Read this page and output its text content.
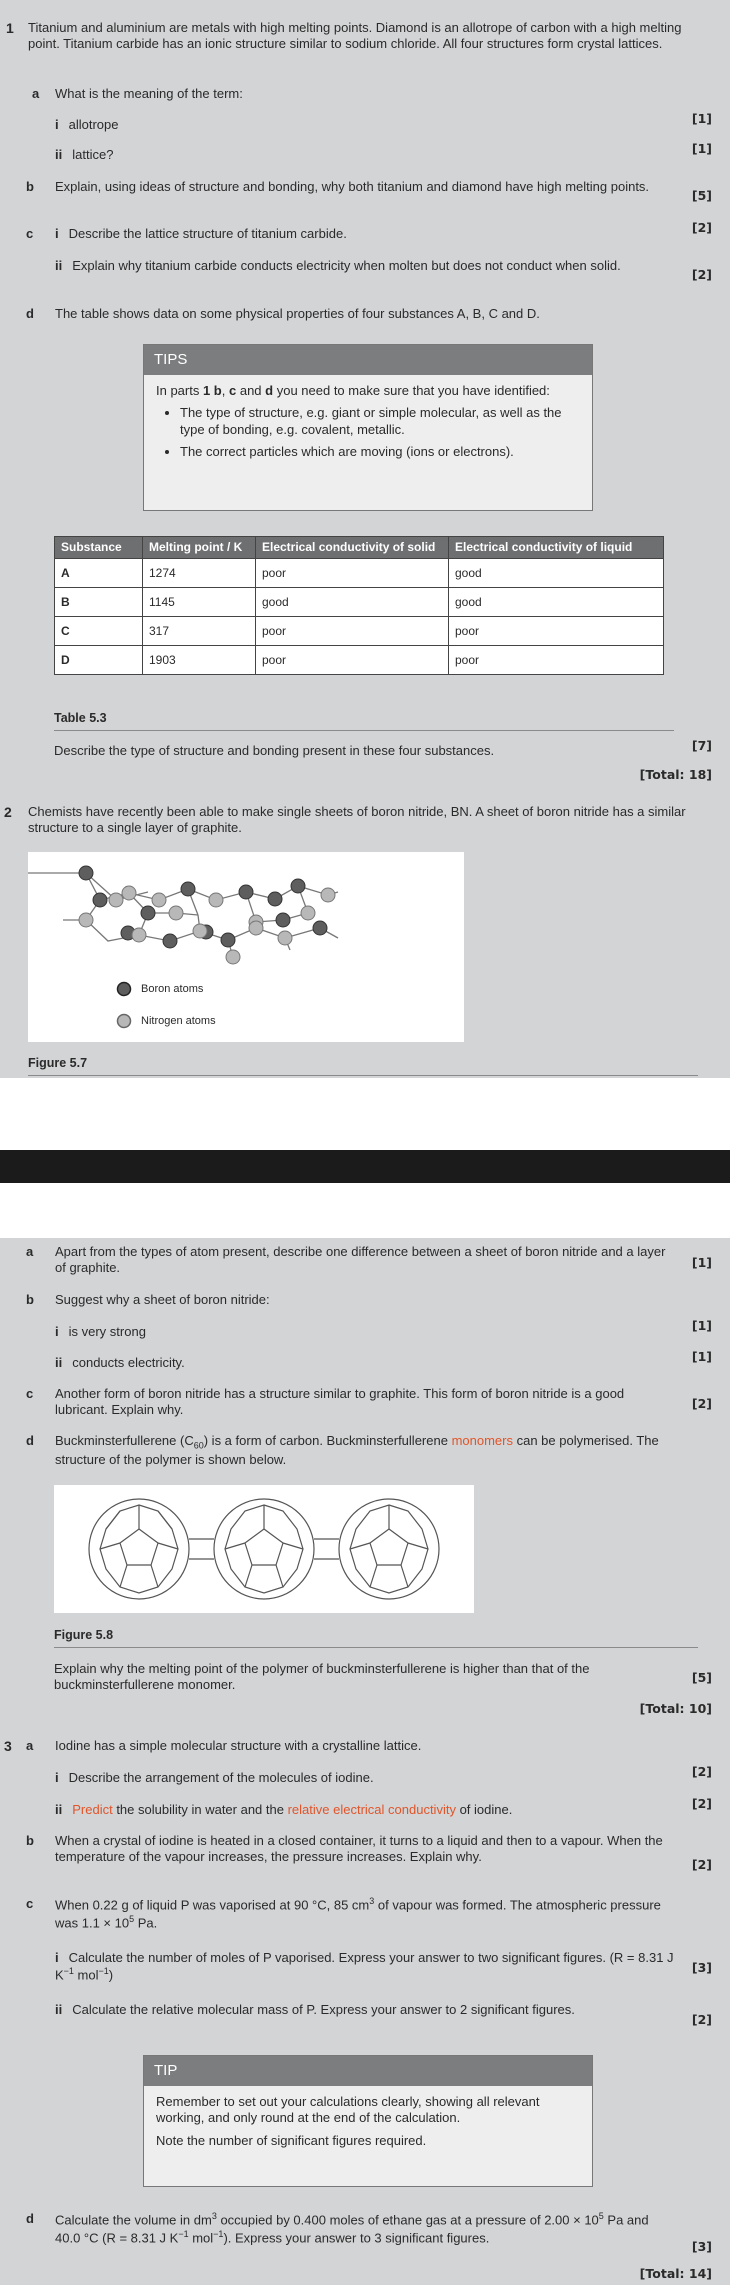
1 Titanium and aluminium are metals with high melting points. Diamond is an allotrope of carbon with a high melting point. Titanium carbide has an ionic structure similar to sodium chloride. All four structures form crystal lattices.
a What is the meaning of the term:
i allotrope	[1]
ii lattice?	[1]
b Explain, using ideas of structure and bonding, why both titanium and diamond have high melting points.
[5]
c i Describe the lattice structure of titanium carbide.	[2]
ii Explain why titanium carbide conducts electricity when molten but does not conduct when solid.
[2]
d The table shows data on some physical properties of four substances A, B, C and D.
TIPS

In parts 1 b, c and d you need to make sure that you have identified:

• The type of structure, e.g. giant or simple molecular, as well as the type of bonding, e.g. covalent, metallic.
• The correct particles which are moving (ions or electrons).
Substance	Melting point / K	Electrical conductivity of solid	Electrical conductivity of liquid
A	1274	poor	good
B	1145	good	good
C	317	poor	poor
D	1903	poor	poor
Table 5.3
Describe the type of structure and bonding present in these four substances.	[7]
[Total: 18]
2 Chemists have recently been able to make single sheets of boron nitride, BN. A sheet of boron nitride has a similar structure to a single layer of graphite.
Boron atoms
Nitrogen atoms
Figure 5.7
a Apart from the types of atom present, describe one difference between a sheet of boron nitride and a layer of graphite.	[1]
b Suggest why a sheet of boron nitride:
i is very strong	[1]
ii conducts electricity.	[1]
c Another form of boron nitride has a structure similar to graphite. This form of boron nitride is a good lubricant. Explain why.	[2]
d Buckminsterfullerene $(C_{60})$ is a form of carbon. Buckminsterfullerene monomers can be polymerised. The structure of the polymer is shown below.
Figure 5.8
Explain why the melting point of the polymer of buckminsterfullerene is higher than that of the buckminsterfullerene monomer.	[5]
[Total: 10]
3 a Iodine has a simple molecular structure with a crystalline lattice.
i Describe the arrangement of the molecules of iodine.	[2]
ii Predict the solubility in water and the relative electrical conductivity of iodine.	[2]
b When a crystal of iodine is heated in a closed container, it turns to a liquid and then to a vapour. When the temperature of the vapour increases, the pressure increases. Explain why.
[2]
c When 0.22 g of liquid P was vaporised at 90 °C, 85 $cm^3$ of vapour was formed. The atmospheric pressure was $1.1 \times 10^5$ Pa.
i Calculate the number of moles of P vaporised. Express your answer to two significant figures. (R = 8.31 J $K^{-1}$ mol$^{-1}$)
[3]
ii Calculate the relative molecular mass of P. Express your answer to 2 significant figures.
[2]
TIP

Remember to set out your calculations clearly, showing all relevant working, and only round at the end of the calculation.

Note the number of significant figures required.

d Calculate the volume in $dm^3$ occupied by 0.400 moles of ethane gas at a pressure of $2.00 \times 10^5$ Pa and 40.0 °C (R = 8.31 J $K^{-1}$ mol$^{-1}$). Express your answer to 3 significant figures.
[3]
[Total: 14]
